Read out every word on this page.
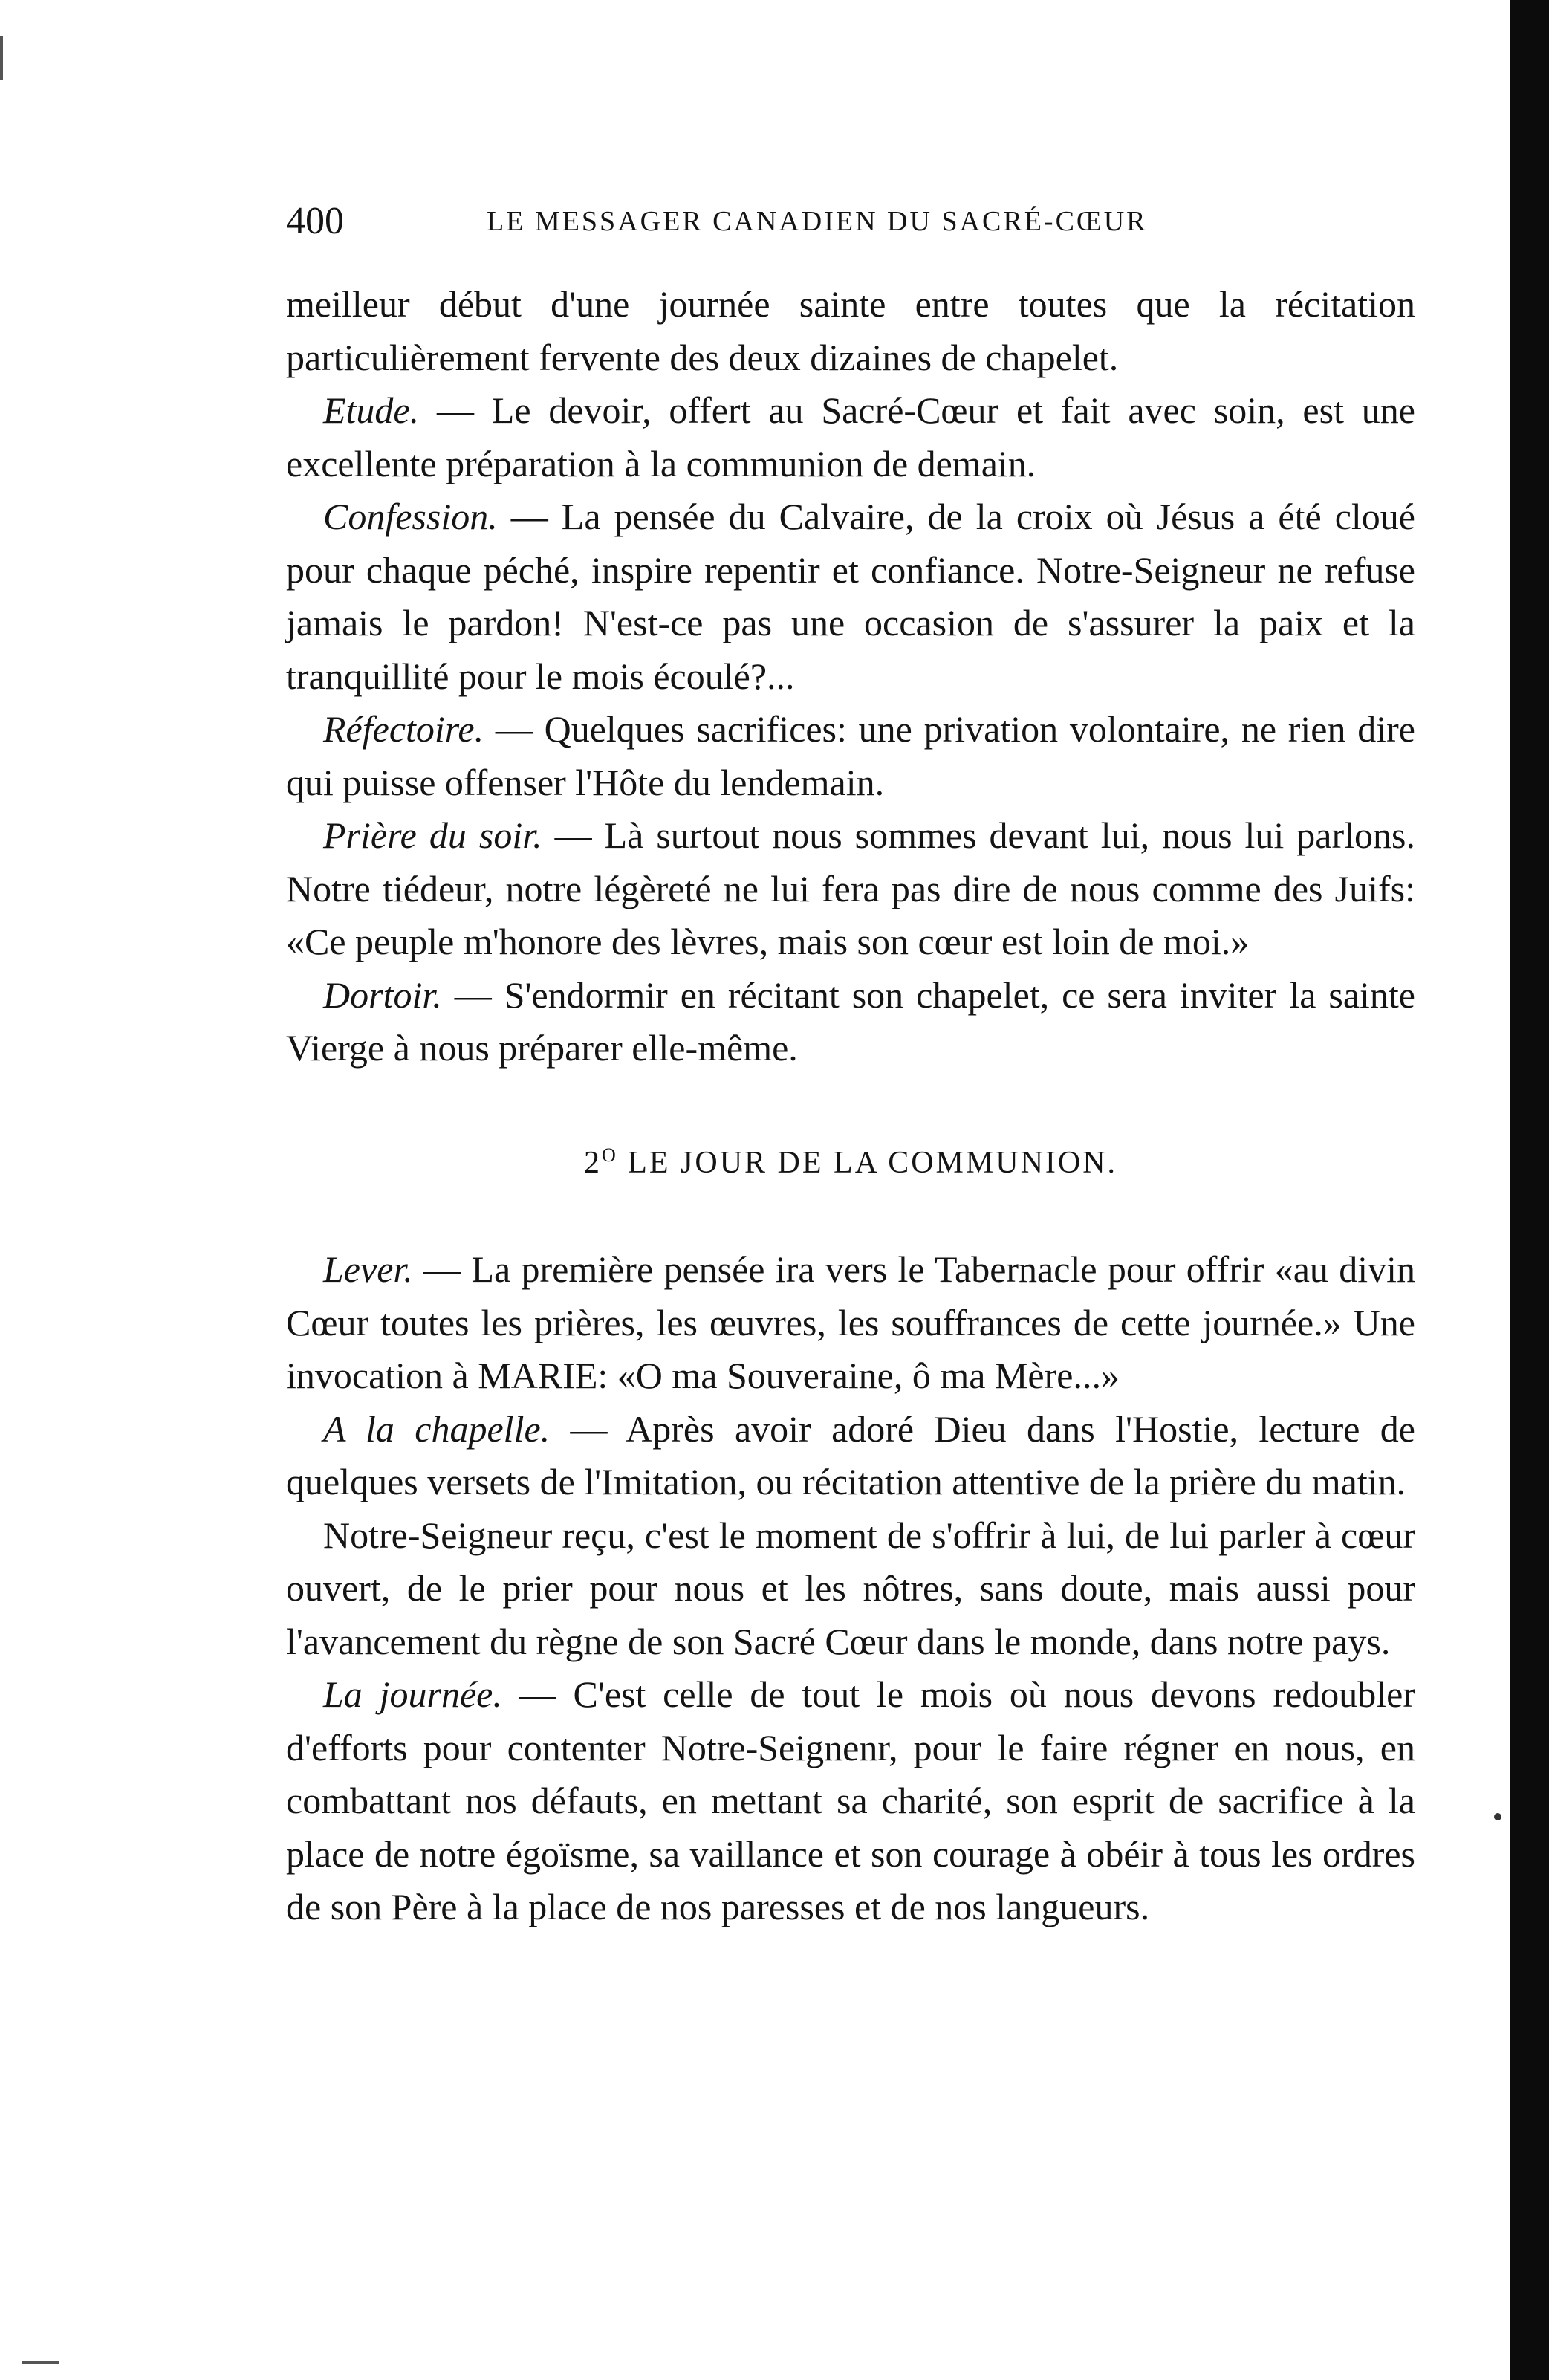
400	LE MESSAGER CANADIEN DU SACRÉ-CŒUR

meilleur début d'une journée sainte entre toutes que la récitation particulièrement fervente des deux dizaines de chapelet.

Etude. — Le devoir, offert au Sacré-Cœur et fait avec soin, est une excellente préparation à la communion de demain.

Confession. — La pensée du Calvaire, de la croix où Jésus a été cloué pour chaque péché, inspire repentir et confiance. Notre-Seigneur ne refuse jamais le pardon! N'est-ce pas une occasion de s'assurer la paix et la tranquillité pour le mois écoulé?...

Réfectoire. — Quelques sacrifices: une privation volontaire, ne rien dire qui puisse offenser l'Hôte du lendemain.

Prière du soir. — Là surtout nous sommes devant lui, nous lui parlons. Notre tiédeur, notre légèreté ne lui fera pas dire de nous comme des Juifs: «Ce peuple m'honore des lèvres, mais son cœur est loin de moi.»

Dortoir. — S'endormir en récitant son chapelet, ce sera inviter la sainte Vierge à nous préparer elle-même.

$2^O$ LE JOUR DE LA COMMUNION.

Lever. — La première pensée ira vers le Tabernacle pour offrir «au divin Cœur toutes les prières, les œuvres, les souffrances de cette journée.» Une invocation à MARIE: «O ma Souveraine, ô ma Mère...»

A la chapelle. — Après avoir adoré Dieu dans l'Hostie, lecture de quelques versets de l'Imitation, ou récitation attentive de la prière du matin.

Notre-Seigneur reçu, c'est le moment de s'offrir à lui, de lui parler à cœur ouvert, de le prier pour nous et les nôtres, sans doute, mais aussi pour l'avancement du règne de son Sacré Cœur dans le monde, dans notre pays.

La journée. — C'est celle de tout le mois où nous devons redoubler d'efforts pour contenter Notre-Seignenr, pour le faire régner en nous, en combattant nos défauts, en mettant sa charité, son esprit de sacrifice à la place de notre égoïsme, sa vaillance et son courage à obéir à tous les ordres de son Père à la place de nos paresses et de nos langueurs.
